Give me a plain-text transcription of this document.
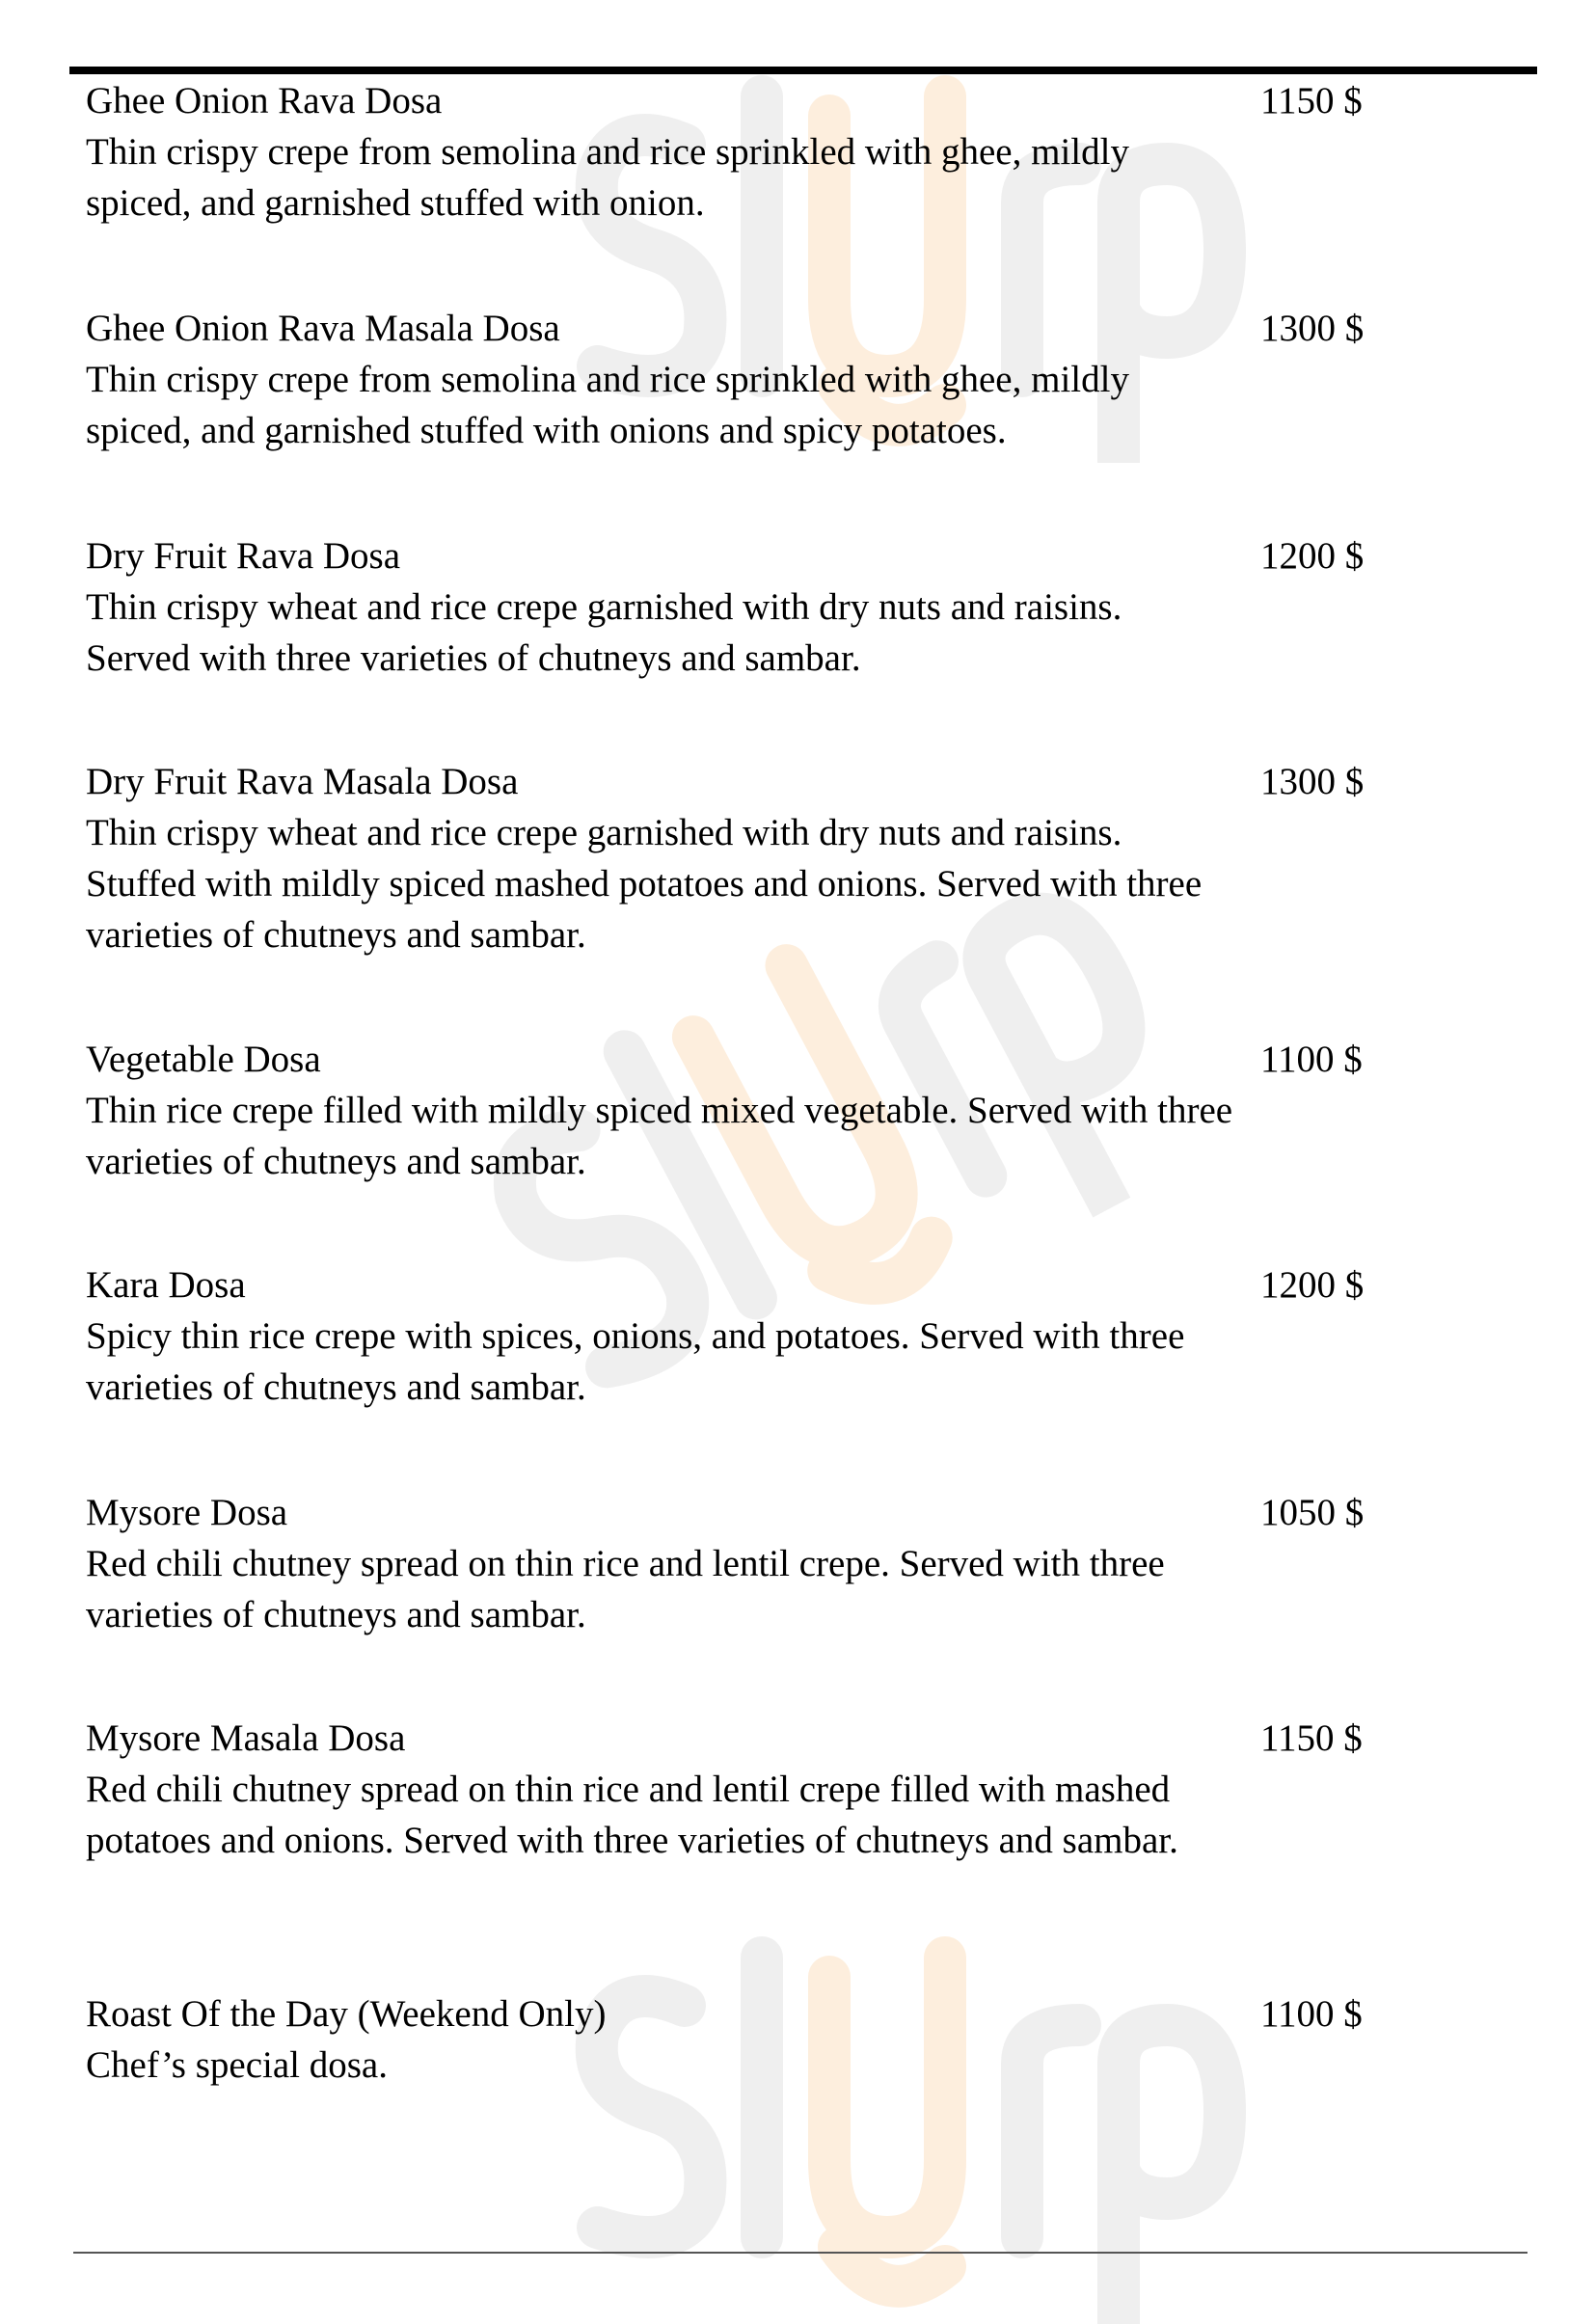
Ghee Onion Rava Dosa	1150 $
Thin crispy crepe from semolina and rice sprinkled with ghee, mildly spiced, and garnished stuffed with onion.
Ghee Onion Rava Masala Dosa	1300 $
Thin crispy crepe from semolina and rice sprinkled with ghee, mildly spiced, and garnished stuffed with onions and spicy potatoes.
Dry Fruit Rava Dosa	1200 $
Thin crispy wheat and rice crepe garnished with dry nuts and raisins. Served with three varieties of chutneys and sambar.
Dry Fruit Rava Masala Dosa	1300 $
Thin crispy wheat and rice crepe garnished with dry nuts and raisins. Stuffed with mildly spiced mashed potatoes and onions. Served with three varieties of chutneys and sambar.
Vegetable Dosa	1100 $
Thin rice crepe filled with mildly spiced mixed vegetable. Served with three varieties of chutneys and sambar.
Kara Dosa	1200 $
Spicy thin rice crepe with spices, onions, and potatoes. Served with three varieties of chutneys and sambar.
Mysore Dosa	1050 $
Red chili chutney spread on thin rice and lentil crepe. Served with three varieties of chutneys and sambar.
Mysore Masala Dosa	1150 $
Red chili chutney spread on thin rice and lentil crepe filled with mashed potatoes and onions. Served with three varieties of chutneys and sambar.
Roast Of the Day (Weekend Only)	1100 $
Chef’s special dosa.
